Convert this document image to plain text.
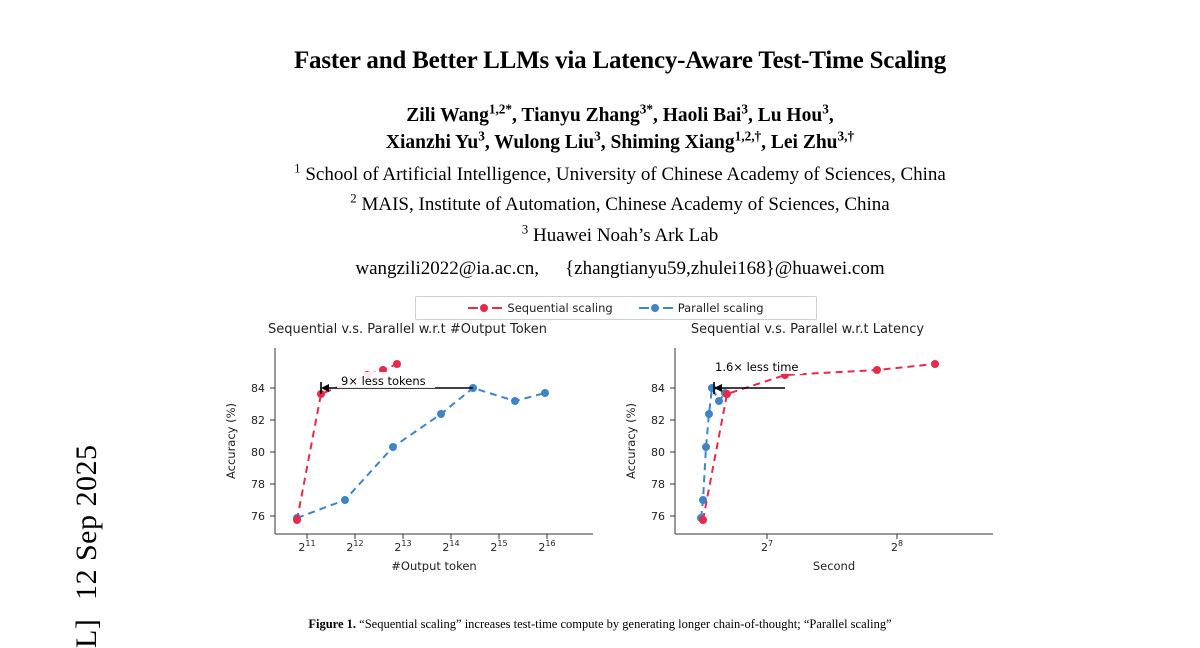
12 Sep 2025
L]
Faster and Better LLMs via Latency-Aware Test-Time Scaling
Zili Wang$^{1,2*}$, Tianyu Zhang$^{3*}$, Haoli Bai$^3$, Lu Hou$^3$,
Xianzhi Yu$^3$, Wulong Liu$^3$, Shiming Xiang$^{1,2,\dagger}$, Lei Zhu$^{3,\dagger}$
$^1$ School of Artificial Intelligence, University of Chinese Academy of Sciences, China
$^2$ MAIS, Institute of Automation, Chinese Academy of Sciences, China
$^3$ Huawei Noah’s Ark Lab
wangzili2022@ia.ac.cn, {zhangtianyu59,zhulei168}@huawei.com
Sequential scaling	Parallel scaling
Sequential v.s. Parallel w.r.t #Output Token
76
78
80
82
84
Accuracy (%)
$2^{11}$	$2^{12}$	$2^{13}$	$2^{14}$	$2^{15}$	$2^{16}$
#Output token
9× less tokens
Sequential v.s. Parallel w.r.t Latency
76
78
80
82
84
Accuracy (%)
$2^7$	$2^8$
Second
1.6× less time
Figure 1. “Sequential scaling” increases test-time compute by generating longer chain-of-thought; “Parallel scaling”
